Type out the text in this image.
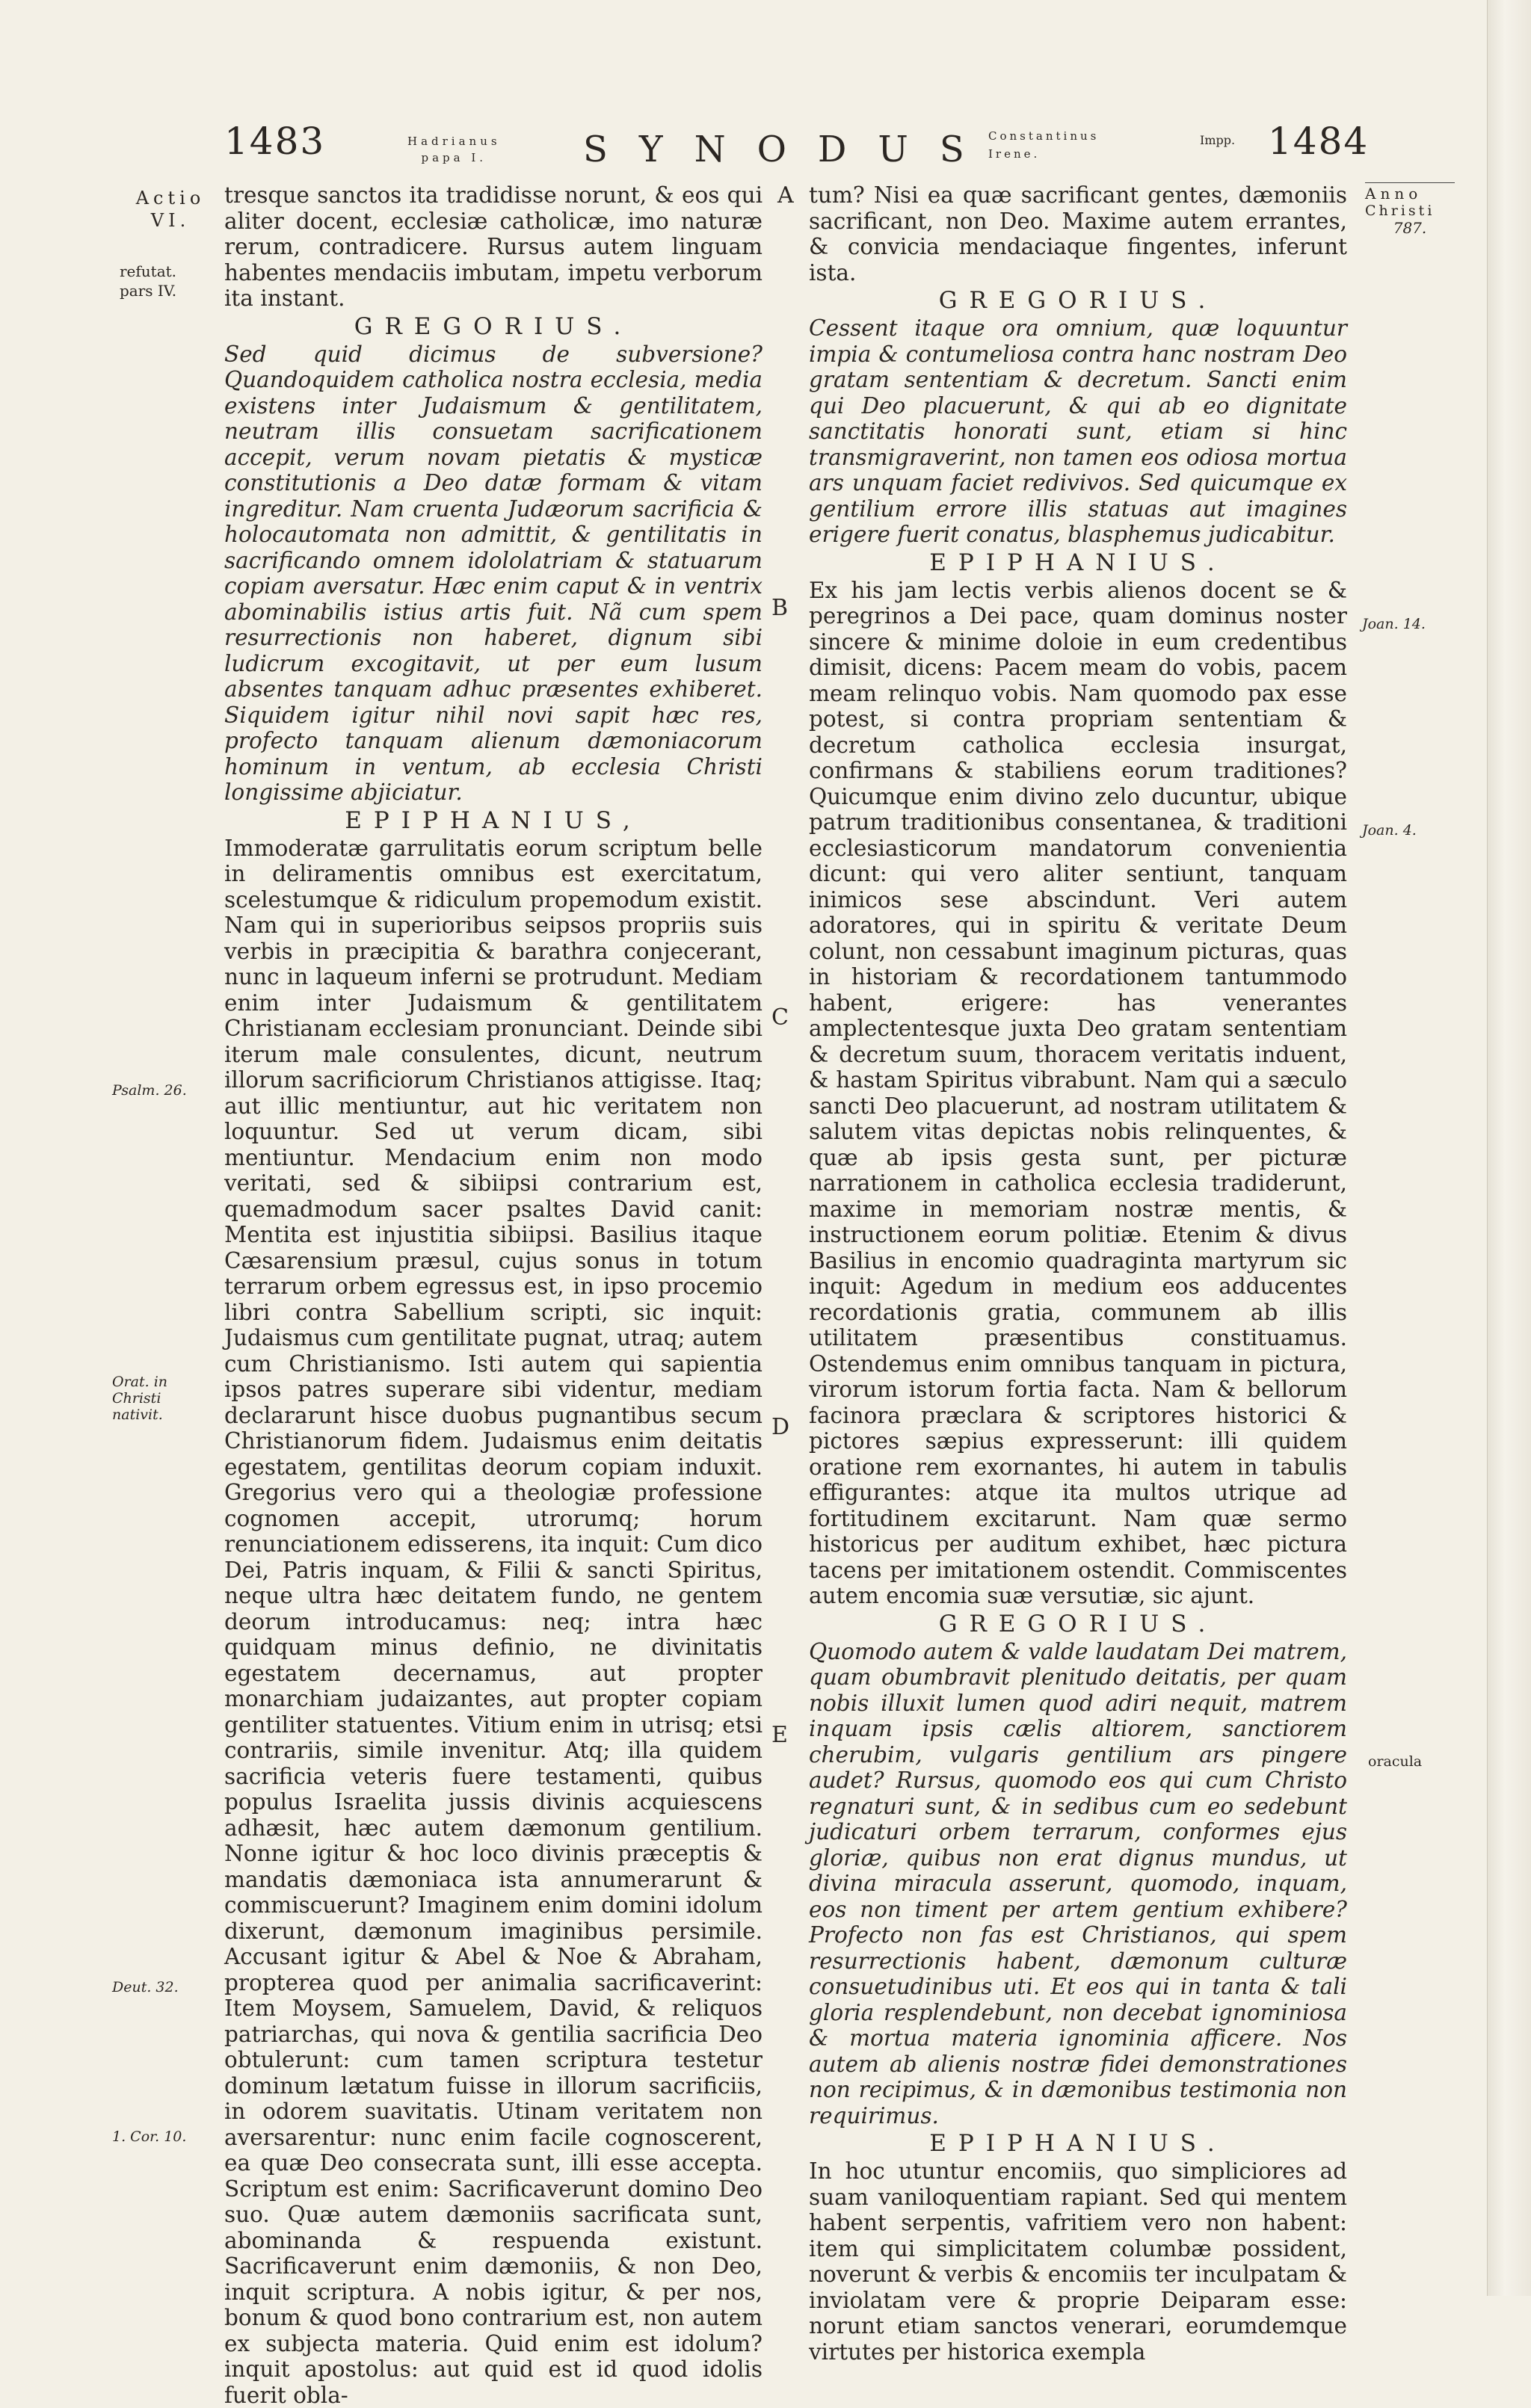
1483	Hadrianus
papa I.	SYNODUS
Constantinus
Irene.
Impp. 1484
Actio
VI.
refutat.
pars IV.
Psalm. 26.
Orat. in Christi nativit.
Deut. 32.
1. Cor. 10.
A
B
C
D
E

tresque sanctos ita tradidisse norunt, & eos qui aliter docent, ecclesiæ catholicæ, imo naturæ rerum, contradicere. Rursus autem linguam habentes mendaciis imbutam, impetu verborum ita instant.

GREGORIUS.

Sed quid dicimus de subversione? Quandoquidem catholica nostra ecclesia, media existens inter Judaismum & gentilitatem, neutram illis consuetam sacrificationem accepit, verum novam pietatis & mysticæ constitutionis a Deo datæ formam & vitam ingreditur. Nam cruenta Judæorum sacrificia & holocautomata non admittit, & gentilitatis in sacrificando omnem idololatriam & statuarum copiam aversatur. Hæc enim caput & in ventrix abominabilis istius artis fuit. Nã cum spem resurrectionis non haberet, dignum sibi ludicrum excogitavit, ut per eum lusum absentes tanquam adhuc præsentes exhiberet. Siquidem igitur nihil novi sapit hæc res, profecto tanquam alienum dæmoniacorum hominum in ventum, ab ecclesia Christi longissime abjiciatur.

EPIPHANIUS,

Immoderatæ garrulitatis eorum scriptum belle in deliramentis omnibus est exercitatum, scelestumque & ridiculum propemodum existit. Nam qui in superioribus seipsos propriis suis verbis in præcipitia & barathra conjecerant, nunc in laqueum inferni se protrudunt. Mediam enim inter Judaismum & gentilitatem Christianam ecclesiam pronunciant. Deinde sibi iterum male consulentes, dicunt, neutrum illorum sacrificiorum Christianos attigisse. Itaq; aut illic mentiuntur, aut hic veritatem non loquuntur. Sed ut verum dicam, sibi mentiuntur. Mendacium enim non modo veritati, sed & sibiipsi contrarium est, quemadmodum sacer psaltes David canit: Mentita est injustitia sibiipsi. Basilius itaque Cæsarensium præsul, cujus sonus in totum terrarum orbem egressus est, in ipso procemio libri contra Sabellium scripti, sic inquit: Judaismus cum gentilitate pugnat, utraq; autem cum Christianismo. Isti autem qui sapientia ipsos patres superare sibi videntur, mediam declararunt hisce duobus pugnantibus secum Christianorum fidem. Judaismus enim deitatis egestatem, gentilitas deorum copiam induxit. Gregorius vero qui a theologiæ professione cognomen accepit, utrorumq; horum renunciationem edisserens, ita inquit: Cum dico Dei, Patris inquam, & Filii & sancti Spiritus, neque ultra hæc deitatem fundo, ne gentem deorum introducamus: neq; intra hæc quidquam minus definio, ne divinitatis egestatem decernamus, aut propter monarchiam judaizantes, aut propter copiam gentiliter statuentes. Vitium enim in utrisq; etsi contrariis, simile invenitur. Atq; illa quidem sacrificia veteris fuere testamenti, quibus populus Israelita jussis divinis acquiescens adhæsit, hæc autem dæmonum gentilium. Nonne igitur & hoc loco divinis præceptis & mandatis dæmoniaca ista annumerarunt & commiscuerunt? Imaginem enim domini idolum dixerunt, dæmonum imaginibus persimile. Accusant igitur & Abel & Noe & Abraham, propterea quod per animalia sacrificaverint: Item Moysem, Samuelem, David, & reliquos patriarchas, qui nova & gentilia sacrificia Deo obtulerunt: cum tamen scriptura testetur dominum lætatum fuisse in illorum sacrificiis, in odorem suavitatis. Utinam veritatem non aversarentur: nunc enim facile cognoscerent, ea quæ Deo consecrata sunt, illi esse accepta. Scriptum est enim: Sacrificaverunt domino Deo suo. Quæ autem dæmoniis sacrificata sunt, abominanda & respuenda existunt. Sacrificaverunt enim dæmoniis, & non Deo, inquit scriptura. A nobis igitur, & per nos, bonum & quod bono contrarium est, non autem ex subjecta materia. Quid enim est idolum? inquit apostolus: aut quid est id quod idolis fuerit obla-

tum? Nisi ea quæ sacrificant gentes, dæmoniis sacrificant, non Deo. Maxime autem errantes, & convicia mendaciaque fingentes, inferunt ista.

GREGORIUS.

Cessent itaque ora omnium, quæ loquuntur impia & contumeliosa contra hanc nostram Deo gratam sententiam & decretum. Sancti enim qui Deo placuerunt, & qui ab eo dignitate sanctitatis honorati sunt, etiam si hinc transmigraverint, non tamen eos odiosa mortua ars unquam faciet redivivos. Sed quicumque ex gentilium errore illis statuas aut imagines erigere fuerit conatus, blasphemus judicabitur.

EPIPHANIUS.

Ex his jam lectis verbis alienos docent se & peregrinos a Dei pace, quam dominus noster sincere & minime doloie in eum credentibus dimisit, dicens: Pacem meam do vobis, pacem meam relinquo vobis. Nam quomodo pax esse potest, si contra propriam sententiam & decretum catholica ecclesia insurgat, confirmans & stabiliens eorum traditiones? Quicumque enim divino zelo ducuntur, ubique patrum traditionibus consentanea, & traditioni ecclesiasticorum mandatorum convenientia dicunt: qui vero aliter sentiunt, tanquam inimicos sese abscindunt. Veri autem adoratores, qui in spiritu & veritate Deum colunt, non cessabunt imaginum picturas, quas in historiam & recordationem tantummodo habent, erigere: has venerantes amplectentesque juxta Deo gratam sententiam & decretum suum, thoracem veritatis induent, & hastam Spiritus vibrabunt. Nam qui a sæculo sancti Deo placuerunt, ad nostram utilitatem & salutem vitas depictas nobis relinquentes, & quæ ab ipsis gesta sunt, per picturæ narrationem in catholica ecclesia tradiderunt, maxime in memoriam nostræ mentis, & instructionem eorum politiæ. Etenim & divus Basilius in encomio quadraginta martyrum sic inquit: Agedum in medium eos adducentes recordationis gratia, communem ab illis utilitatem præsentibus constituamus. Ostendemus enim omnibus tanquam in pictura, virorum istorum fortia facta. Nam & bellorum facinora præclara & scriptores historici & pictores sæpius expresserunt: illi quidem oratione rem exornantes, hi autem in tabulis effigurantes: atque ita multos utrique ad fortitudinem excitarunt. Nam quæ sermo historicus per auditum exhibet, hæc pictura tacens per imitationem ostendit. Commiscentes autem encomia suæ versutiæ, sic ajunt.

GREGORIUS.

Quomodo autem & valde laudatam Dei matrem, quam obumbravit plenitudo deitatis, per quam nobis illuxit lumen quod adiri nequit, matrem inquam ipsis cælis altiorem, sanctiorem cherubim, vulgaris gentilium ars pingere audet? Rursus, quomodo eos qui cum Christo regnaturi sunt, & in sedibus cum eo sedebunt judicaturi orbem terrarum, conformes ejus gloriæ, quibus non erat dignus mundus, ut divina miracula asserunt, quomodo, inquam, eos non timent per artem gentium exhibere? Profecto non fas est Christianos, qui spem resurrectionis habent, dæmonum culturæ consuetudinibus uti. Et eos qui in tanta & tali gloria resplendebunt, non decebat ignominiosa & mortua materia ignominia afficere. Nos autem ab alienis nostræ fidei demonstrationes non recipimus, & in dæmonibus testimonia non requirimus.

EPIPHANIUS.

In hoc utuntur encomiis, quo simpliciores ad suam vaniloquentiam rapiant. Sed qui mentem habent serpentis, vafritiem vero non habent: item qui simplicitatem columbæ possident, noverunt & verbis & encomiis ter inculpatam & inviolatam vere & proprie Deiparam esse: norunt etiam sanctos venerari, eorumdemque virtutes per historica exempla

Anno
Christi
787.
Joan. 14.
Joan. 4.
oracula
